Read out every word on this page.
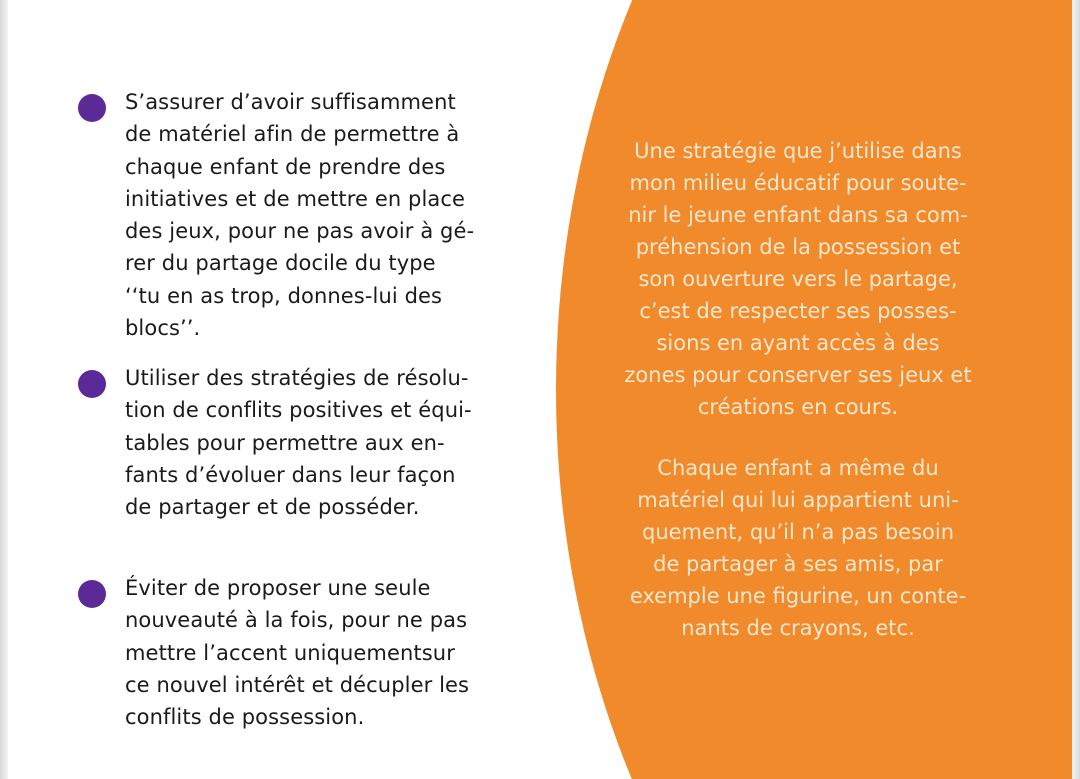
S’assurer d’avoir suffisamment
de matériel afin de permettre à
chaque enfant de prendre des
initiatives et de mettre en place
des jeux, pour ne pas avoir à gé-
rer du partage docile du type
‘‘tu en as trop, donnes-lui des
blocs’’.
Utiliser des stratégies de résolu-
tion de conflits positives et équi-
tables pour permettre aux en-
fants d’évoluer dans leur façon
de partager et de posséder.
Éviter de proposer une seule
nouveauté à la fois, pour ne pas
mettre l’accent uniquementsur
ce nouvel intérêt et décupler les
conflits de possession.
Une stratégie que j’utilise dans
mon milieu éducatif pour soute-
nir le jeune enfant dans sa com-
préhension de la possession et
son ouverture vers le partage,
c’est de respecter ses posses-
sions en ayant accès à des
zones pour conserver ses jeux et
créations en cours.
Chaque enfant a même du
matériel qui lui appartient uni-
quement, qu’il n’a pas besoin
de partager à ses amis, par
exemple une figurine, un conte-
nants de crayons, etc.
